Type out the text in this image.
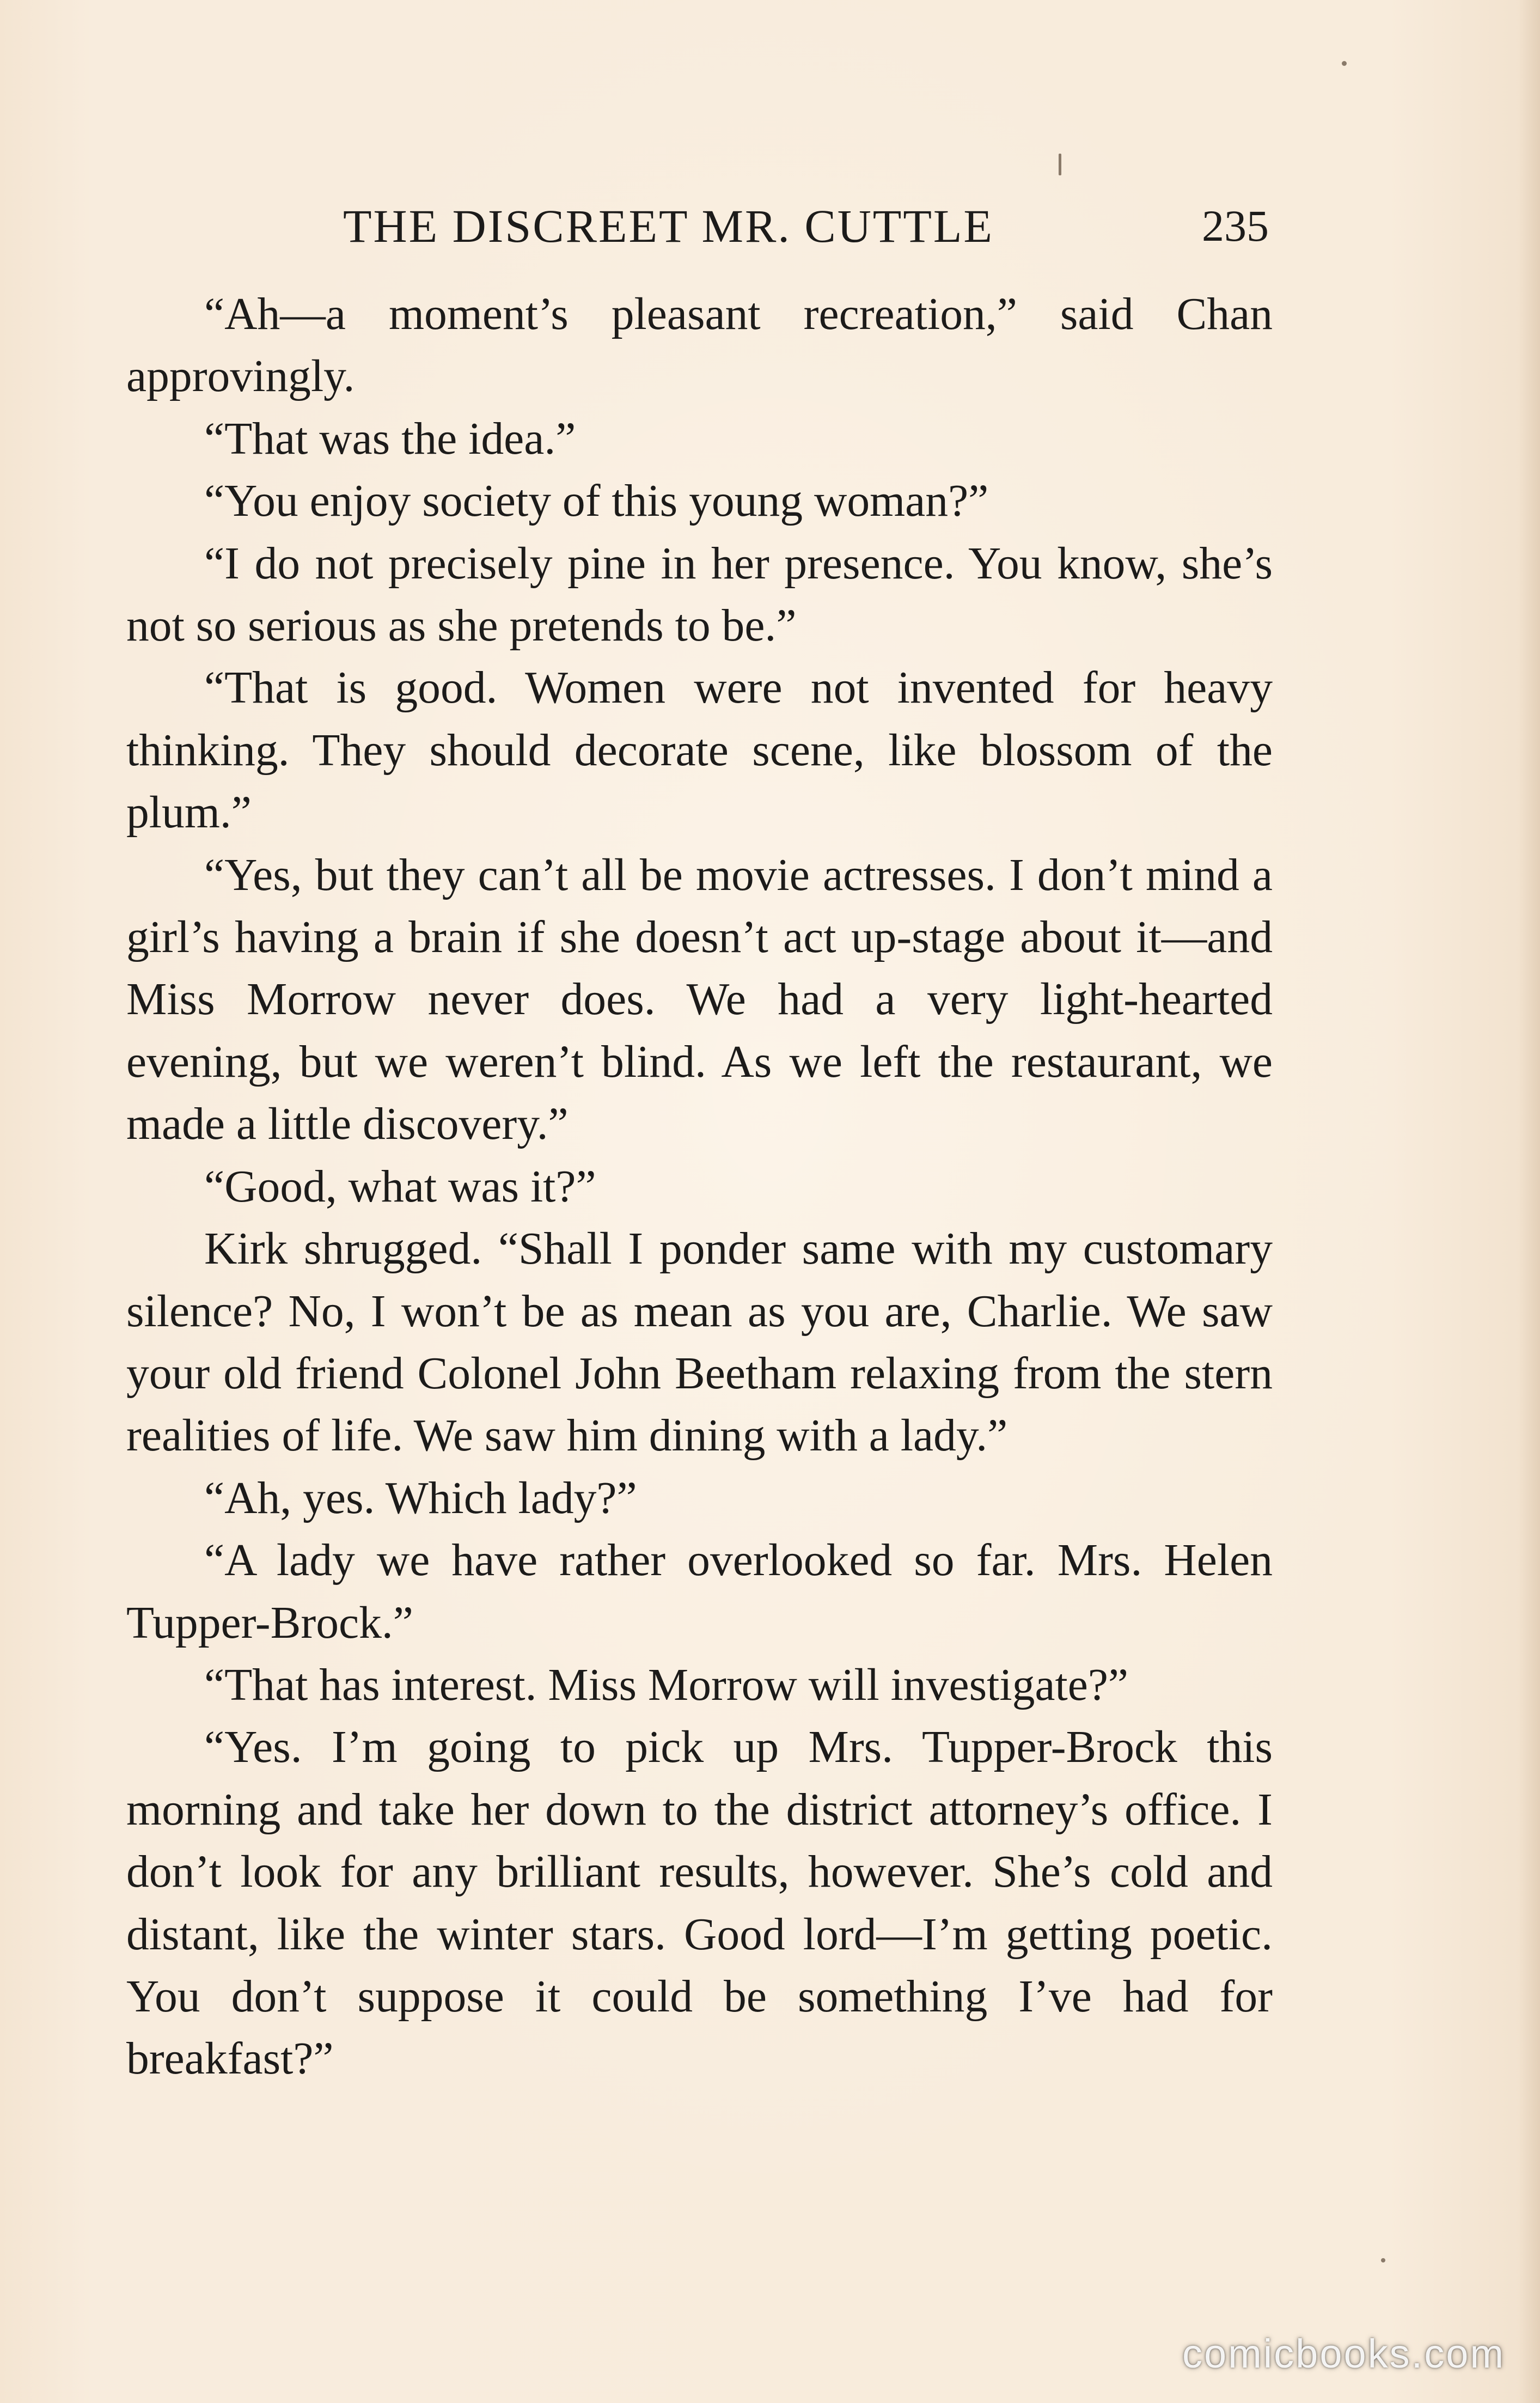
THE DISCREET MR. CUTTLE	235

“Ah—a moment’s pleasant recreation,” said Chan approvingly.

“That was the idea.”

“You enjoy society of this young woman?”

“I do not precisely pine in her presence. You know, she’s not so serious as she pretends to be.”

“That is good. Women were not invented for heavy thinking. They should decorate scene, like blossom of the plum.”

“Yes, but they can’t all be movie actresses. I don’t mind a girl’s having a brain if she doesn’t act up-stage about it—and Miss Morrow never does. We had a very light-hearted evening, but we weren’t blind. As we left the restaurant, we made a little discovery.”

“Good, what was it?”

Kirk shrugged. “Shall I ponder same with my customary silence? No, I won’t be as mean as you are, Charlie. We saw your old friend Colonel John Beetham relaxing from the stern realities of life. We saw him dining with a lady.”

“Ah, yes. Which lady?”

“A lady we have rather overlooked so far. Mrs. Helen Tupper-Brock.”

“That has interest. Miss Morrow will investigate?”

“Yes. I’m going to pick up Mrs. Tupper-Brock this morning and take her down to the district attorney’s office. I don’t look for any brilliant results, however. She’s cold and distant, like the winter stars. Good lord—I’m getting poetic. You don’t suppose it could be something I’ve had for breakfast?”

comicbooks.com
